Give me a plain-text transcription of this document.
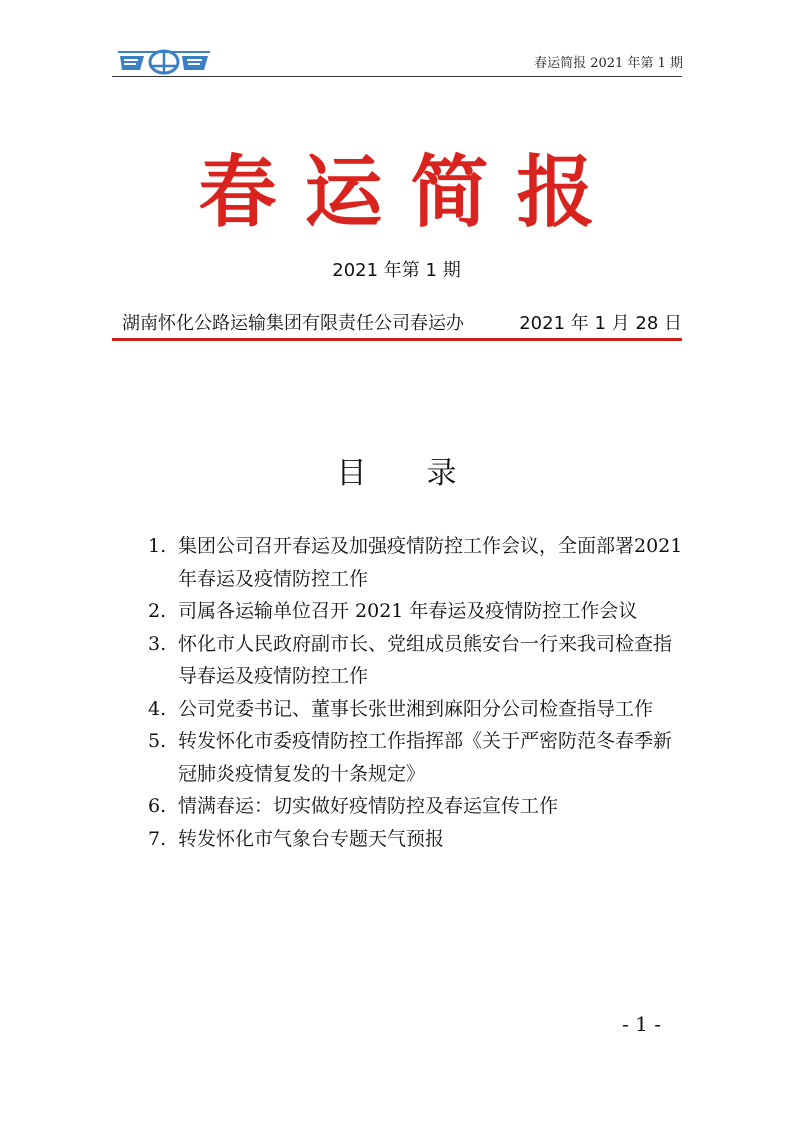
春运简报 2021 年第 1 期
春运简报
2021 年第 1 期
湖南怀化公路运输集团有限责任公司春运办	2021 年 1 月 28 日
目录
1. 集团公司召开春运及加强疫情防控工作会议，全面部署2021 年春运及疫情防控工作
2. 司属各运输单位召开 2021 年春运及疫情防控工作会议
3. 怀化市人民政府副市长、党组成员熊安台一行来我司检查指导春运及疫情防控工作
4. 公司党委书记、董事长张世湘到麻阳分公司检查指导工作
5. 转发怀化市委疫情防控工作指挥部《关于严密防范冬春季新冠肺炎疫情复发的十条规定》
6. 情满春运：切实做好疫情防控及春运宣传工作
7. 转发怀化市气象台专题天气预报
- 1 -
